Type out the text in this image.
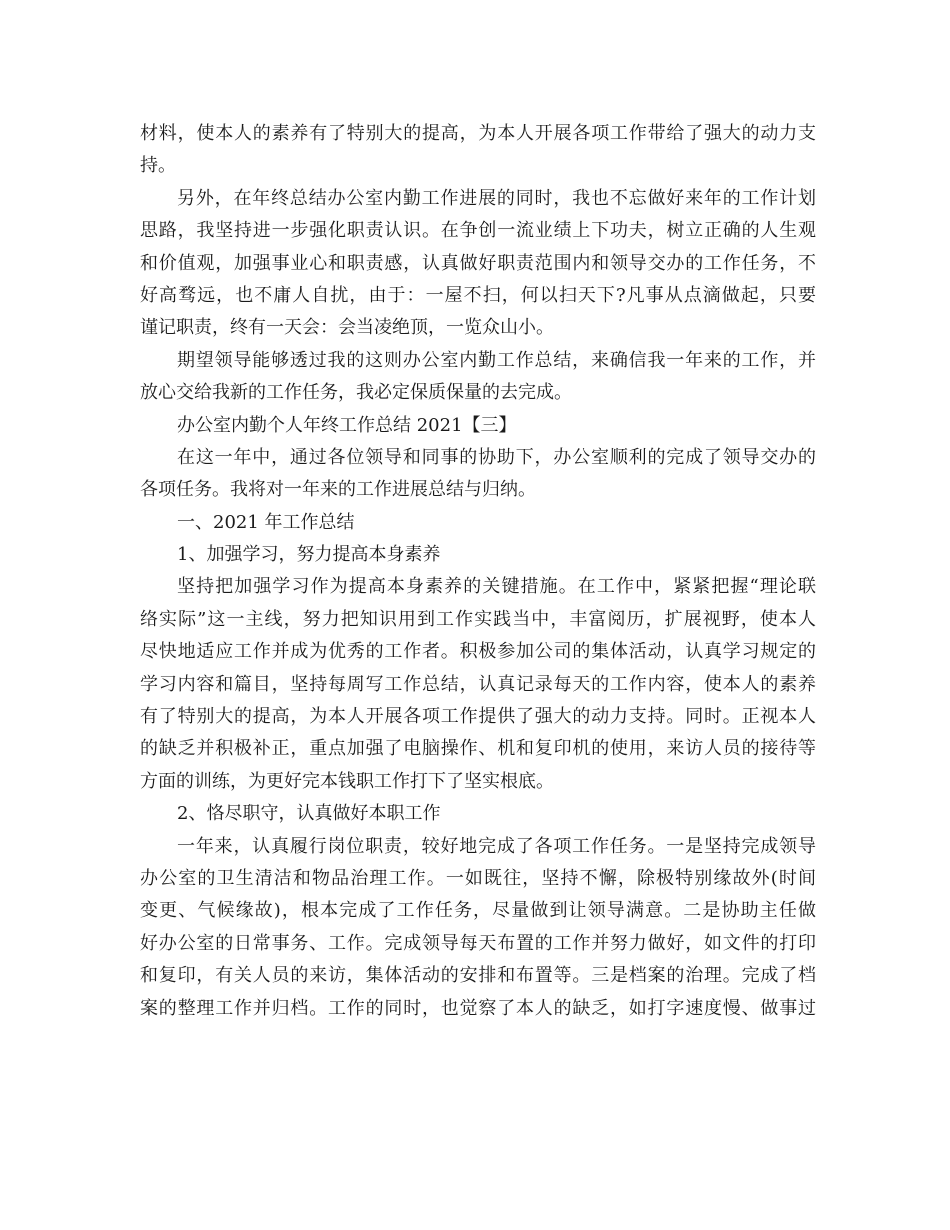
材料，使本人的素养有了特别大的提高，为本人开展各项工作带给了强大的动力支
持。
另外，在年终总结办公室内勤工作进展的同时，我也不忘做好来年的工作计划
思路，我坚持进一步强化职责认识。在争创一流业绩上下功夫，树立正确的人生观
和价值观，加强事业心和职责感，认真做好职责范围内和领导交办的工作任务，不
好高骛远，也不庸人自扰，由于：一屋不扫，何以扫天下?凡事从点滴做起，只要
谨记职责，终有一天会：会当凌绝顶，一览众山小。
期望领导能够透过我的这则办公室内勤工作总结，来确信我一年来的工作，并
放心交给我新的工作任务，我必定保质保量的去完成。
办公室内勤个人年终工作总结 2021【三】
在这一年中，通过各位领导和同事的协助下，办公室顺利的完成了领导交办的
各项任务。我将对一年来的工作进展总结与归纳。
一、2021 年工作总结
1、加强学习，努力提高本身素养
坚持把加强学习作为提高本身素养的关键措施。在工作中，紧紧把握“理论联
络实际”这一主线，努力把知识用到工作实践当中，丰富阅历，扩展视野，使本人
尽快地适应工作并成为优秀的工作者。积极参加公司的集体活动，认真学习规定的
学习内容和篇目，坚持每周写工作总结，认真记录每天的工作内容，使本人的素养
有了特别大的提高，为本人开展各项工作提供了强大的动力支持。同时。正视本人
的缺乏并积极补正，重点加强了电脑操作、机和复印机的使用，来访人员的接待等
方面的训练，为更好完本钱职工作打下了坚实根底。
2、恪尽职守，认真做好本职工作
一年来，认真履行岗位职责，较好地完成了各项工作任务。一是坚持完成领导
办公室的卫生清洁和物品治理工作。一如既往，坚持不懈，除极特别缘故外(时间
变更、气候缘故)，根本完成了工作任务，尽量做到让领导满意。二是协助主任做
好办公室的日常事务、工作。完成领导每天布置的工作并努力做好，如文件的打印
和复印，有关人员的来访，集体活动的安排和布置等。三是档案的治理。完成了档
案的整理工作并归档。工作的同时，也觉察了本人的缺乏，如打字速度慢、做事过
